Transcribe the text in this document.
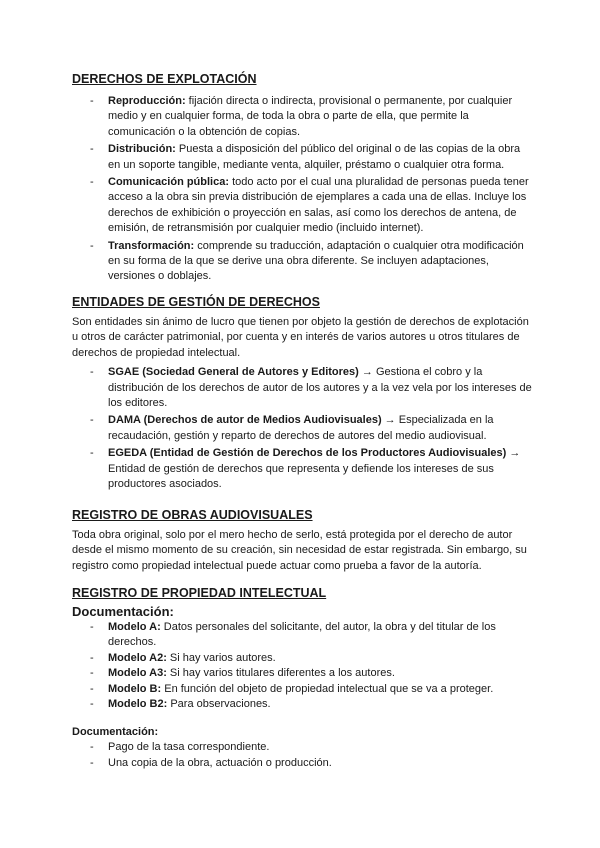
DERECHOS DE EXPLOTACIÓN
- Reproducción: fijación directa o indirecta, provisional o permanente, por cualquier medio y en cualquier forma, de toda la obra o parte de ella, que permite la comunicación o la obtención de copias.
- Distribución: Puesta a disposición del público del original o de las copias de la obra en un soporte tangible, mediante venta, alquiler, préstamo o cualquier otra forma.
- Comunicación pública: todo acto por el cual una pluralidad de personas pueda tener acceso a la obra sin previa distribución de ejemplares a cada una de ellas. Incluye los derechos de exhibición o proyección en salas, así como los derechos de antena, de emisión, de retransmisión por cualquier medio (incluido internet).
- Transformación: comprende su traducción, adaptación o cualquier otra modificación en su forma de la que se derive una obra diferente. Se incluyen adaptaciones, versiones o doblajes.
ENTIDADES DE GESTIÓN DE DERECHOS

Son entidades sin ánimo de lucro que tienen por objeto la gestión de derechos de explotación u otros de carácter patrimonial, por cuenta y en interés de varios autores u otros titulares de derechos de propiedad intelectual.

- SGAE (Sociedad General de Autores y Editores) → Gestiona el cobro y la distribución de los derechos de autor de los autores y a la vez vela por los intereses de los editores.
- DAMA (Derechos de autor de Medios Audiovisuales) → Especializada en la recaudación, gestión y reparto de derechos de autores del medio audiovisual.
- EGEDA (Entidad de Gestión de Derechos de los Productores Audiovisuales) → Entidad de gestión de derechos que representa y defiende los intereses de sus productores asociados.
REGISTRO DE OBRAS AUDIOVISUALES

Toda obra original, solo por el mero hecho de serlo, está protegida por el derecho de autor desde el mismo momento de su creación, sin necesidad de estar registrada. Sin embargo, su registro como propiedad intelectual puede actuar como prueba a favor de la autoría.

REGISTRO DE PROPIEDAD INTELECTUAL
Documentación:
- Modelo A: Datos personales del solicitante, del autor, la obra y del titular de los derechos.
- Modelo A2: Si hay varios autores.
- Modelo A3: Si hay varios titulares diferentes a los autores.
- Modelo B: En función del objeto de propiedad intelectual que se va a proteger.
- Modelo B2: Para observaciones.
Documentación:
- Pago de la tasa correspondiente.
- Una copia de la obra, actuación o producción.
